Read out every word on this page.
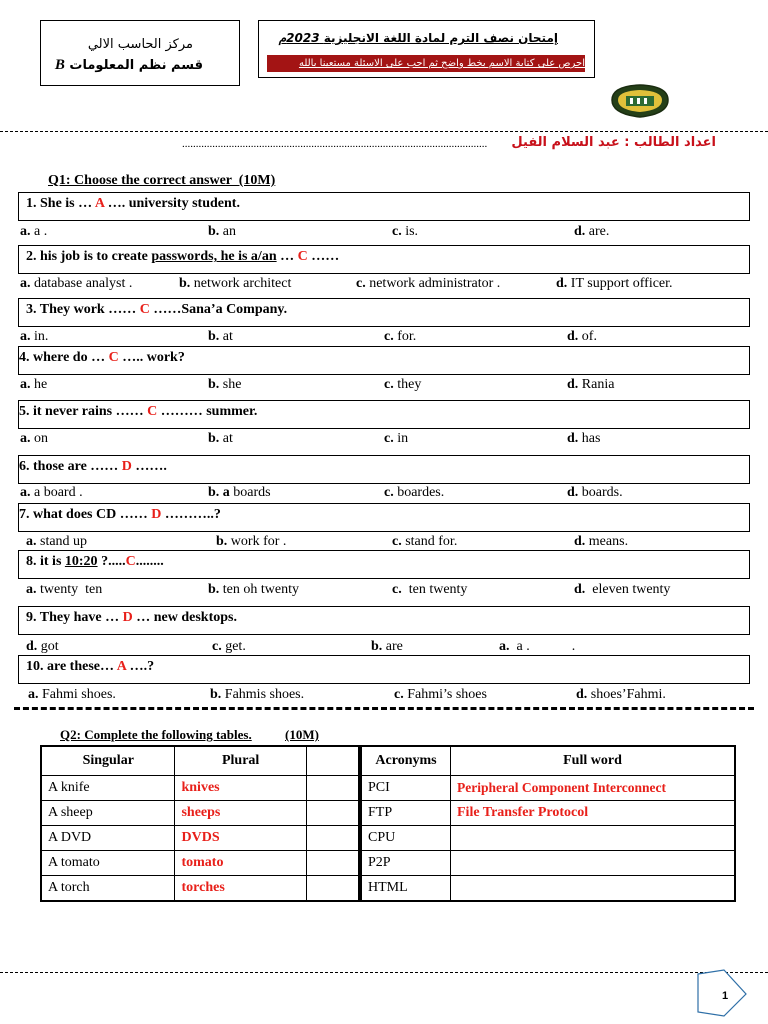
مركز الحاسب الالي
قسم نظم المعلومات B
إمتحان نصف الترم لمادة اللغة الانجليزية 2023م
احرص على كتابة الاسم بخط واضح ثم اجب على الاسئلة مستعينا بالله
...............................................................................................................	اعداد الطالب : عبد السلام الفيل
Q1: Choose the correct answer  (10M)
1. She is … A …. university student.
2. his job is to create passwords, he is a/an … C ……
3. They work …… C ……Sana’a Company.
4. where do … C ….. work?
5. it never rains …… C ……… summer.
6. those are …… D …….
7. what does CD …… D ………..?
8. it is 10:20 ?.....C........
9. They have … D … new desktops.
10. are these… A ….?
a. a .	b. an	c. is.	d. are.
a. database analyst .	b. network architect	c. network administrator .	d. IT support officer.
a. in.	b. at	c. for.	d. of.
a. he	b. she	c. they	d. Rania
a. on	b. at	c. in	d. has
a. a board .	b. a boards	c. boardes.	d. boards.
a. stand up	b. work for .	c. stand for.	d. means.
a. twenty  ten	b. ten oh twenty	c. ten twenty	d. eleven twenty
d. got	c. get.	b. are	a. a .            .
a. Fahmi shoes.	b. Fahmis shoes.	c. Fahmi’s shoes	d. shoes’Fahmi.
Q2: Complete the following tables.	(10M)
Singular	Plural	
A knife	knives	
A sheep	sheeps	
A DVD	DVDS	
A tomato	tomato	
A torch	torches	
Acronyms	Full word
PCI	Peripheral Component Interconnect
FTP	File Transfer Protocol
CPU	
P2P	
HTML	
1
